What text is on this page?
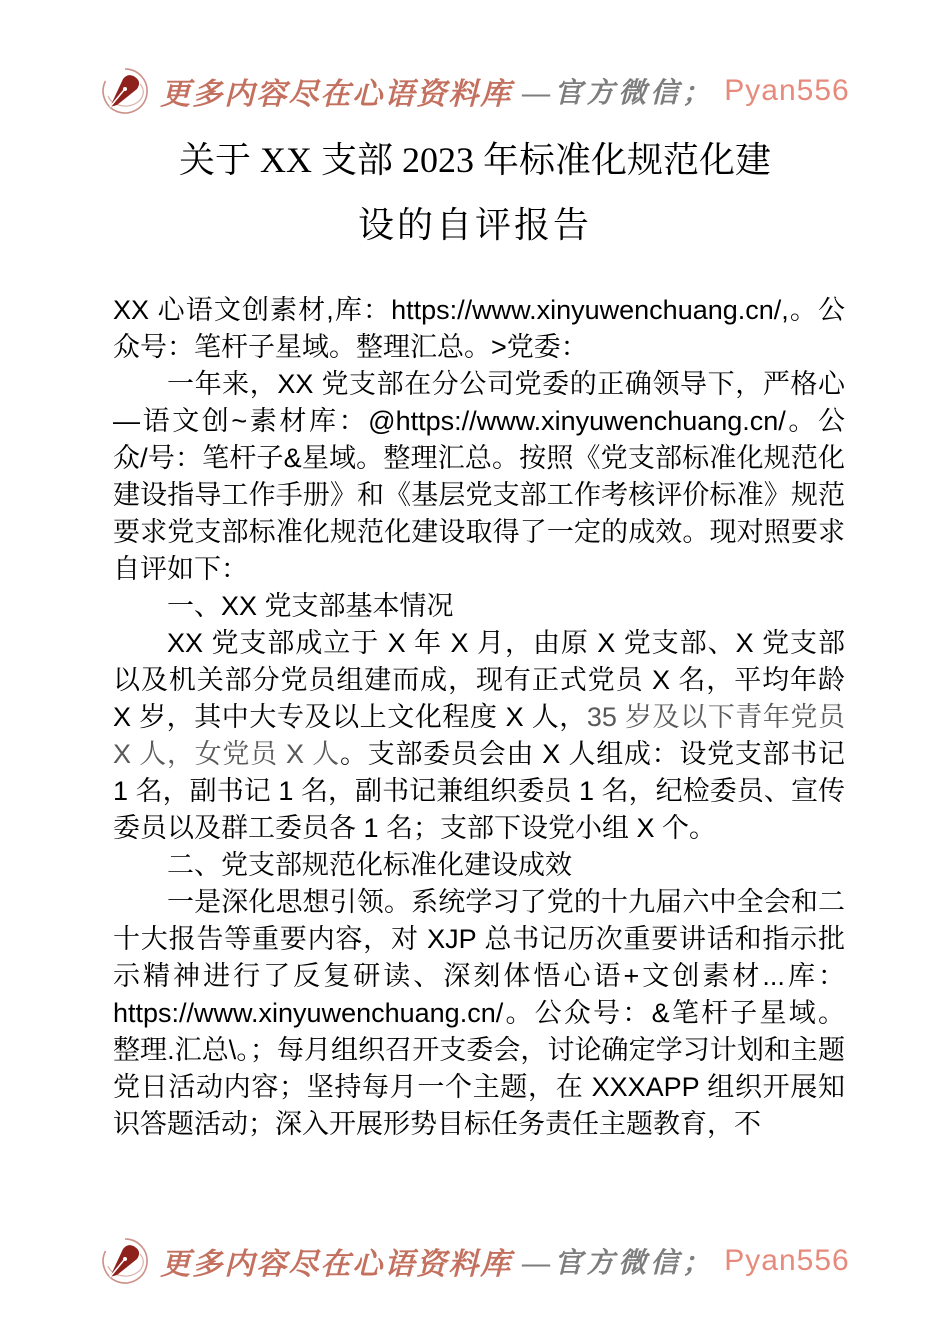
更多内容尽在心语资料库 —官方微信； Pyan556
关于 XX 支部 2023 年标准化规范化建
设的自评报告

XX 心语文创素材,库：https://www.xinyuwenchuang.cn/,。公众号：笔杆子星域。整理汇总。>党委：

一年来，XX 党支部在分公司党委的正确领导下，严格心—语文创~素材库：@https://www.xinyuwenchuang.cn/。公众/号：笔杆子&星域。整理汇总。按照《党支部标准化规范化建设指导工作手册》和《基层党支部工作考核评价标准》规范要求党支部标准化规范化建设取得了一定的成效。现对照要求自评如下：

一、XX 党支部基本情况

XX 党支部成立于 X 年 X 月，由原 X 党支部、X 党支部以及机关部分党员组建而成，现有正式党员 X 名，平均年龄 X 岁，其中大专及以上文化程度 X 人，35 岁及以下青年党员 X 人，女党员 X 人。支部委员会由 X 人组成：设党支部书记 1 名，副书记 1 名，副书记兼组织委员 1 名，纪检委员、宣传委员以及群工委员各 1 名；支部下设党小组 X 个。

二、党支部规范化标准化建设成效

一是深化思想引领。系统学习了党的十九届六中全会和二十大报告等重要内容，对 XJP 总书记历次重要讲话和指示批示精神进行了反复研读、深刻体悟心语+文创素材...库：https://www.xinyuwenchuang.cn/。公众号：&笔杆子星域。整理.汇总\。；每月组织召开支委会，讨论确定学习计划和主题党日活动内容；坚持每月一个主题，在 XXXAPP 组织开展知识答题活动；深入开展形势目标任务责任主题教育，不

更多内容尽在心语资料库 —官方微信； Pyan556
